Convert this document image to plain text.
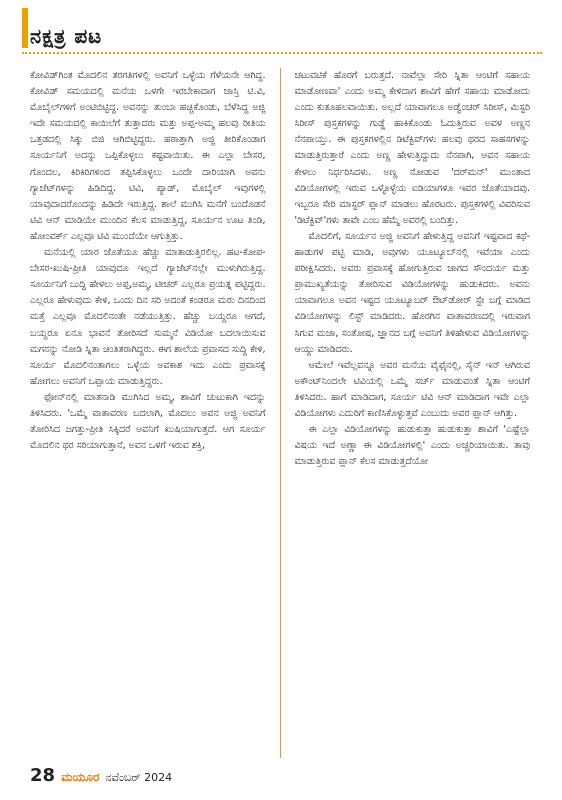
ನಕ್ಷತ್ರ ಪಟ

ಕೋವಿಡ್‌ಗಿಂತ ಮೊದಲಿನ ತರಗತಿಗಳಲ್ಲಿ ಅವನಿಗೆ ಒಳ್ಳೆಯ ಗೆಳೆಯನೇ ಆಗಿದ್ದ. ಕೋವಿಡ್ ಸಮಯದಲ್ಲಿ ಮನೆಯ ಒಳಗೇ ಇರಬೇಕಾದಾಗ ಜಾಸ್ತಿ ಟಿ.ವಿ, ಮೊಬೈಲ್‌ಗಳಿಗೆ ಅಂಟಿಬಿಟ್ಟಿದ್ದ. ಅವನನ್ನು ತುಂಬಾ ಹಚ್ಚಿಕೊಂಡು, ಬೆಳೆಸಿದ್ದ ಅಜ್ಜಿ ಇದೇ ಸಮಯದಲ್ಲಿ ಕಾಯಿಲೆಗೆ ತುತ್ತಾದರು ಮತ್ತು ಅಪ್ಪ-ಅಮ್ಮ ಹಲವು ರೀತಿಯ ಒತ್ತಡದಲ್ಲಿ ಸಿಕ್ಕು ಬಿಜಿ ಆಗಿಬಿಟ್ಟಿದ್ದರು. ಹಠಾತ್ತಾಗಿ ಅಜ್ಜಿ ತೀರಿಕೊಂಡಾಗ ಸೂರ್ಯನಿಗೆ ಅದನ್ನು ಒಪ್ಪಿಕೊಳ್ಳಲು ಕಷ್ಟವಾಯಿತು. ಈ ಎಲ್ಲಾ ಬೇಸರ, ಗೊಂದಲ, ಕಿರಿಕಿರಿಗಳಿಂದ ತಪ್ಪಿಸಿಕೊಳ್ಳಲು ಒಂದೇ ದಾರಿಯಾಗಿ ಅವನು ಗ್ಯಾಜೆಟ್‌ಗಳನ್ನು ಹಿಡಿದಿದ್ದ. ಟಿವಿ, ಪ್ಯಾಡ್, ಮೊಬೈಲ್ ಇವುಗಳಲ್ಲಿ ಯಾವುದಾದರೊಂದನ್ನು ಹಿಡಿದೇ ಇರುತ್ತಿದ್ದ. ಶಾಲೆ ಮುಗಿಸಿ ಮನೆಗೆ ಬಂದೊಡನೆ ಟಿವಿ ಆನ್ ಮಾಡಿಯೇ ಮುಂದಿನ ಕೆಲಸ ಮಾಡುತ್ತಿದ್ದ, ಸೂರ್ಯನ ಊಟ ತಿಂಡಿ, ಹೋಂವರ್ಕ್ ಎಲ್ಲವೂ ಟಿವಿ ಮುಂದೆಯೇ ಆಗುತ್ತಿತ್ತು.

ಮನೆಯಲ್ಲಿ ಯಾರ ಜೊತೆಯೂ ಹೆಚ್ಚು ಮಾತಾಡುತ್ತಿರಲಿಲ್ಲ. ಹಟ-ಕೋಪ-ಬೇಸರ-ಖುಷಿ-ಪ್ರೀತಿ ಯಾವುದೂ ಇಲ್ಲದೆ ಗ್ಯಾಜೆಟ್‌ನಲ್ಲೇ ಮುಳುಗಿರುತ್ತಿದ್ದ. ಸೂರ್ಯನಿಗೆ ಬುದ್ಧಿ ಹೇಳಲು ಅಪ್ಪ,ಅಮ್ಮ, ಟೀಚರ್ ಎಲ್ಲರೂ ಪ್ರಯತ್ನ ಪಟ್ಟಿದ್ದರು. ಎಲ್ಲರೂ ಹೇಳುವುದು ಕೇಳಿ, ಒಂದು ದಿನ ಸರಿ ಅದಂತೆ ಕಂಡರೂ ಮರು ದಿನದಿಂದ ಮತ್ತೆ ಎಲ್ಲವೂ ಮೊದಲಿನಂತೇ ನಡೆಯುತ್ತಿತ್ತು. ಹೆಚ್ಚು ಬಯ್ದರೂ ಆಗದೆ, ಬಯ್ದರೂ ಏನೂ ಭಾವನೆ ತೋರಿಸದೆ ಸುಮ್ಮನೆ ವಿಡಿಯೋ ಬದಲಾಯಿಸುವ ಮಗನನ್ನು ನೋಡಿ ಸ್ನಿತಾ ಚಿಂತಿತರಾಗಿದ್ದರು. ಈಗ ಶಾಲೆಯ ಪ್ರವಾಸದ ಸುದ್ದಿ ಕೇಳಿ, ಸೂರ್ಯ ಮೊದಲಿನಂತಾಗಲು ಒಳ್ಳೆಯ ಅವಕಾಶ ಇದು ಎಂದು ಪ್ರವಾಸಕ್ಕೆ ಹೋಗಲು ಅವನಿಗೆ ಒಪ್ಪಾಯ ಮಾಡುತ್ತಿದ್ದರು.

ಫೋನ್‌ನಲ್ಲಿ ಮಾತನಾಡಿ ಮುಗಿಸಿದ ಅಮ್ಮ, ಶಾವಿಗೆ ಚುಟುಕಾಗಿ ಇದನ್ನು ತಿಳಿಸಿದರು. 'ಒಮ್ಮೆ ವಾತಾವರಣ ಬದಲಾಗಿ, ಮೊದಲು ಅವನ ಅಜ್ಜಿ ಅವನಿಗೆ ತೋರಿಸಿದ ಜಗತ್ತು-ಪ್ರೀತಿ ಸಿಕ್ಕಿದರೆ ಅವನಿಗೆ ಖುಷಿಯಾಗುತ್ತದೆ. ಆಗ ಸೂರ್ಯ ಮೊದಲಿನ ಥರ ಸರಿಯಾಗುತ್ತಾನೆ, ಅವನ ಒಳಗೆ ಇರುವ ಶಕ್ತಿ,

ಚಟುವಟಿಕೆ ಹೊರಗೆ ಬರುತ್ತದೆ. ನಾವೆಲ್ಲಾ ಸೇರಿ ಸ್ನಿತಾ ಆಂಟಿಗೆ ಸಹಾಯ ಮಾಡೋಣವಾ' ಎಂದು ಅಮ್ಮ ಕೇಳಿದಾಗ ಶಾವಿಗೆ ಹೇಗೆ ಸಹಾಯ ಮಾಡೋದು ಎಂದು ಕುತೂಹಲವಾಯಿತು. ಅಲ್ಲದೆ ಯಾವಾಗಲೂ ಅಡ್ವೆಂಚರ್ ಸಿರೀಸ್, ಮಿಸ್ಟರಿ ಸಿರೀಸ್ ಪುಸ್ತಕಗಳನ್ನು ಗುಡ್ಡೆ ಹಾಕಿಕೊಂಡು ಓದುತ್ತಿರುವ ಅವಳ ಅಣ್ಣನ ನೆನಪಾಯ್ತು. ಈ ಪುಸ್ತಕಗಳಲ್ಲಿನ ಡಿಟೆಕ್ಟಿವ್‌ಗಳು ಹಲವು ಥರದ ಸಾಹಸಗಳನ್ನು ಮಾಡುತ್ತಿರುತ್ತಾರೆ ಎಂದು ಅಣ್ಣ ಹೇಳುತ್ತಿದ್ದುದು ನೆನಪಾಗಿ, ಅವನ ಸಹಾಯ ಕೇಳಲು ನಿರ್ಧರಿಸಿದಳು. ಅಣ್ಣ ನೋಡುವ 'ದರ್‌ಮನ್' ಮುಂತಾದ ವಿಡಿಯೋಗಳಲ್ಲಿ ಇರುವ ಒಳ್ಳೊಳ್ಳೆಯ ಐಡಿಯಾಗಳೂ ಇವರ ಜೊತೆಯಾದವು. ಇಬ್ಬರೂ ಸೇರಿ ಮಾಸ್ಟರ್ ಪ್ಲಾನ್ ಮಾಡಲು ಹೊರಟರು. ಪುಸ್ತಕಗಳಲ್ಲಿ ವಿವರಿಸುವ 'ಡಿಟೆಕ್ಟಿವ್'ಗಳು ತಾವೇ ಎಂಬ ಹೆಮ್ಮೆ ಅವರಲ್ಲಿ ಬಂದಿತ್ತು.

ಮೊದಲಿಗೆ, ಸೂರ್ಯನ ಅಜ್ಜಿ ಅವನಿಗೆ ಹೇಳುತ್ತಿದ್ದ ಅವನಿಗೆ ಇಷ್ಟವಾದ ಕಥೆ-ಹಾಡುಗಳ ಪಟ್ಟಿ ಮಾಡಿ, ಅವುಗಳು ಯೂಟ್ಯೂಬ್‌ನಲ್ಲಿ ಇವೆಯಾ ಎಂದು ಪರೀಕ್ಷಿಸಿದರು. ಅವರು ಪ್ರವಾಸಕ್ಕೆ ಹೋಗುತ್ತಿರುವ ಜಾಗದ ಸೌಂದರ್ಯ ಮತ್ತು ಪ್ರಾಮುಖ್ಯತೆಯನ್ನು ತೋರಿಸುವ ವಿಡಿಯೋಗಳನ್ನು ಹುಡುಕಿದರು. ಅವನು ಯಾವಾಗಲೂ ಅವನ ಇಷ್ಟದ ಯೂಟ್ಯೂಬರ್ ಔಟ್‌ಡೋರ್ ಸ್ಟೇ ಬಗ್ಗೆ ಮಾಡಿದ ವಿಡಿಯೋಗಳನ್ನು ಲಿಸ್ಟ್ ಮಾಡಿದರು. ಹೊರಗಿನ ವಾತಾವರಣದಲ್ಲಿ ಇರುವಾಗ ಸಿಗುವ ಮಜಾ, ಸಂತೋಷ, ಜ್ಞಾನದ ಬಗ್ಗೆ ಅವನಿಗೆ ತಿಳಿಹೇಳುವ ವಿಡಿಯೋಗಳನ್ನು ಆಯ್ದು ಮಾಡಿದರು.

ಆಮೇಲೆ ಇವೆಲ್ಲವನ್ನೂ ಅವರ ಮನೆಯ ವೈಫೈನಲ್ಲಿ, ಸೈನ್ ಇನ್ ಆಗಿರುವ ಅಕೌಂಟ್‌ನಿಂದಲೇ ಟಿವಿಯಲ್ಲಿ ಒಮ್ಮೆ ಸರ್ಚ್ ಮಾಡುವಂತೆ ಸ್ನಿತಾ ಆಂಟಿಗೆ ತಿಳಿಸಿದರು. ಹಾಗೆ ಮಾಡಿದಾಗ, ಸೂರ್ಯ ಟಿವಿ ಆನ್ ಮಾಡಿದಾಗ ಇವೇ ಎಲ್ಲಾ ವಿಡಿಯೋಗಳು ಎದುರಿಗೆ ಕಾಣಿಸಿಕೊಳ್ಳುತ್ತವೆ ಎಂಬುದು ಅವರ ಪ್ಲಾನ್ ಆಗಿತ್ತು.

ಈ ಎಲ್ಲಾ ವಿಡಿಯೋಗಳನ್ನು ಹುಡುಕುತ್ತಾ ಹುಡುಕುತ್ತಾ ಶಾವಿಗೆ 'ಎಷ್ಟೆಲ್ಲಾ ವಿಷಯ ಇದೆ ಅಣ್ಣಾ ಈ ವಿಡಿಯೋಗಳಲ್ಲಿ' ಎಂದು ಅಚ್ಚರಿಯಾಯಿತು. ತಾವು ಮಾಡುತ್ತಿರುವ ಪ್ಲಾನ್ ಕೆಲಸ ಮಾಡುತ್ತದೆಯೋ

28 ಮಯೂರ ನವೆಂಬರ್ 2024
